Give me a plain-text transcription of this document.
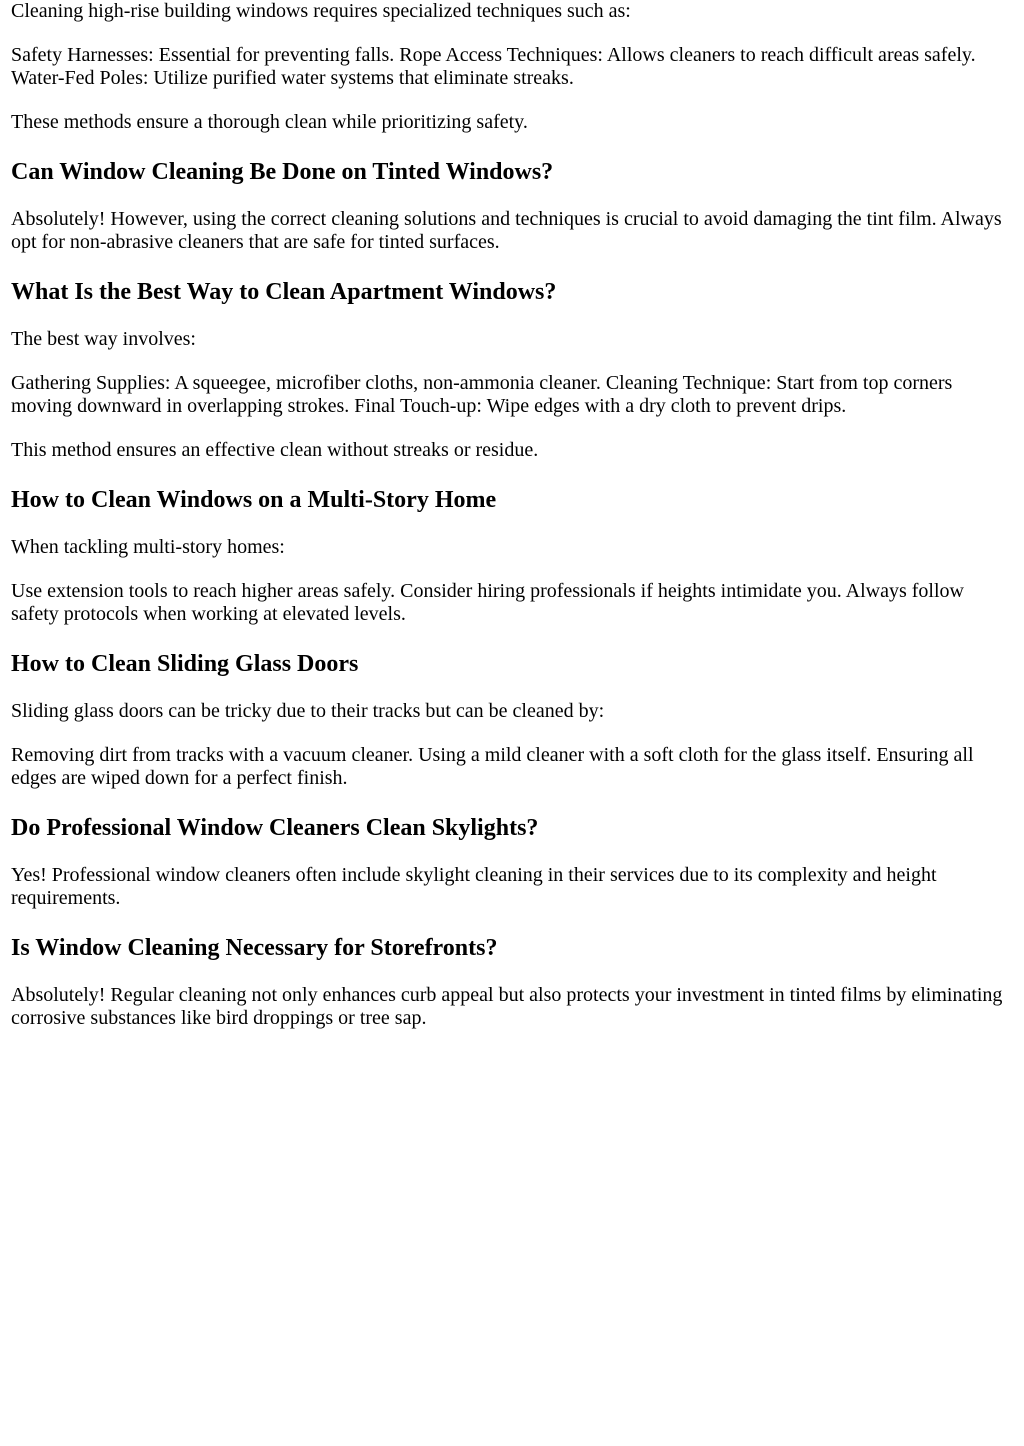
Cleaning high-rise building windows requires specialized techniques such as:

Safety Harnesses: Essential for preventing falls. Rope Access Techniques: Allows cleaners to reach difficult areas safely. Water-Fed Poles: Utilize purified water systems that eliminate streaks.

These methods ensure a thorough clean while prioritizing safety.

Can Window Cleaning Be Done on Tinted Windows?

Absolutely! However, using the correct cleaning solutions and techniques is crucial to avoid damaging the tint film. Always opt for non-abrasive cleaners that are safe for tinted surfaces.

What Is the Best Way to Clean Apartment Windows?

The best way involves:

Gathering Supplies: A squeegee, microfiber cloths, non-ammonia cleaner. Cleaning Technique: Start from top corners moving downward in overlapping strokes. Final Touch-up: Wipe edges with a dry cloth to prevent drips.

This method ensures an effective clean without streaks or residue.

How to Clean Windows on a Multi-Story Home

When tackling multi-story homes:

Use extension tools to reach higher areas safely. Consider hiring professionals if heights intimidate you. Always follow safety protocols when working at elevated levels.

How to Clean Sliding Glass Doors

Sliding glass doors can be tricky due to their tracks but can be cleaned by:

Removing dirt from tracks with a vacuum cleaner. Using a mild cleaner with a soft cloth for the glass itself. Ensuring all edges are wiped down for a perfect finish.

Do Professional Window Cleaners Clean Skylights?

Yes! Professional window cleaners often include skylight cleaning in their services due to its complexity and height requirements.

Is Window Cleaning Necessary for Storefronts?

Absolutely! Regular cleaning not only enhances curb appeal but also protects your investment in tinted films by eliminating corrosive substances like bird droppings or tree sap.
